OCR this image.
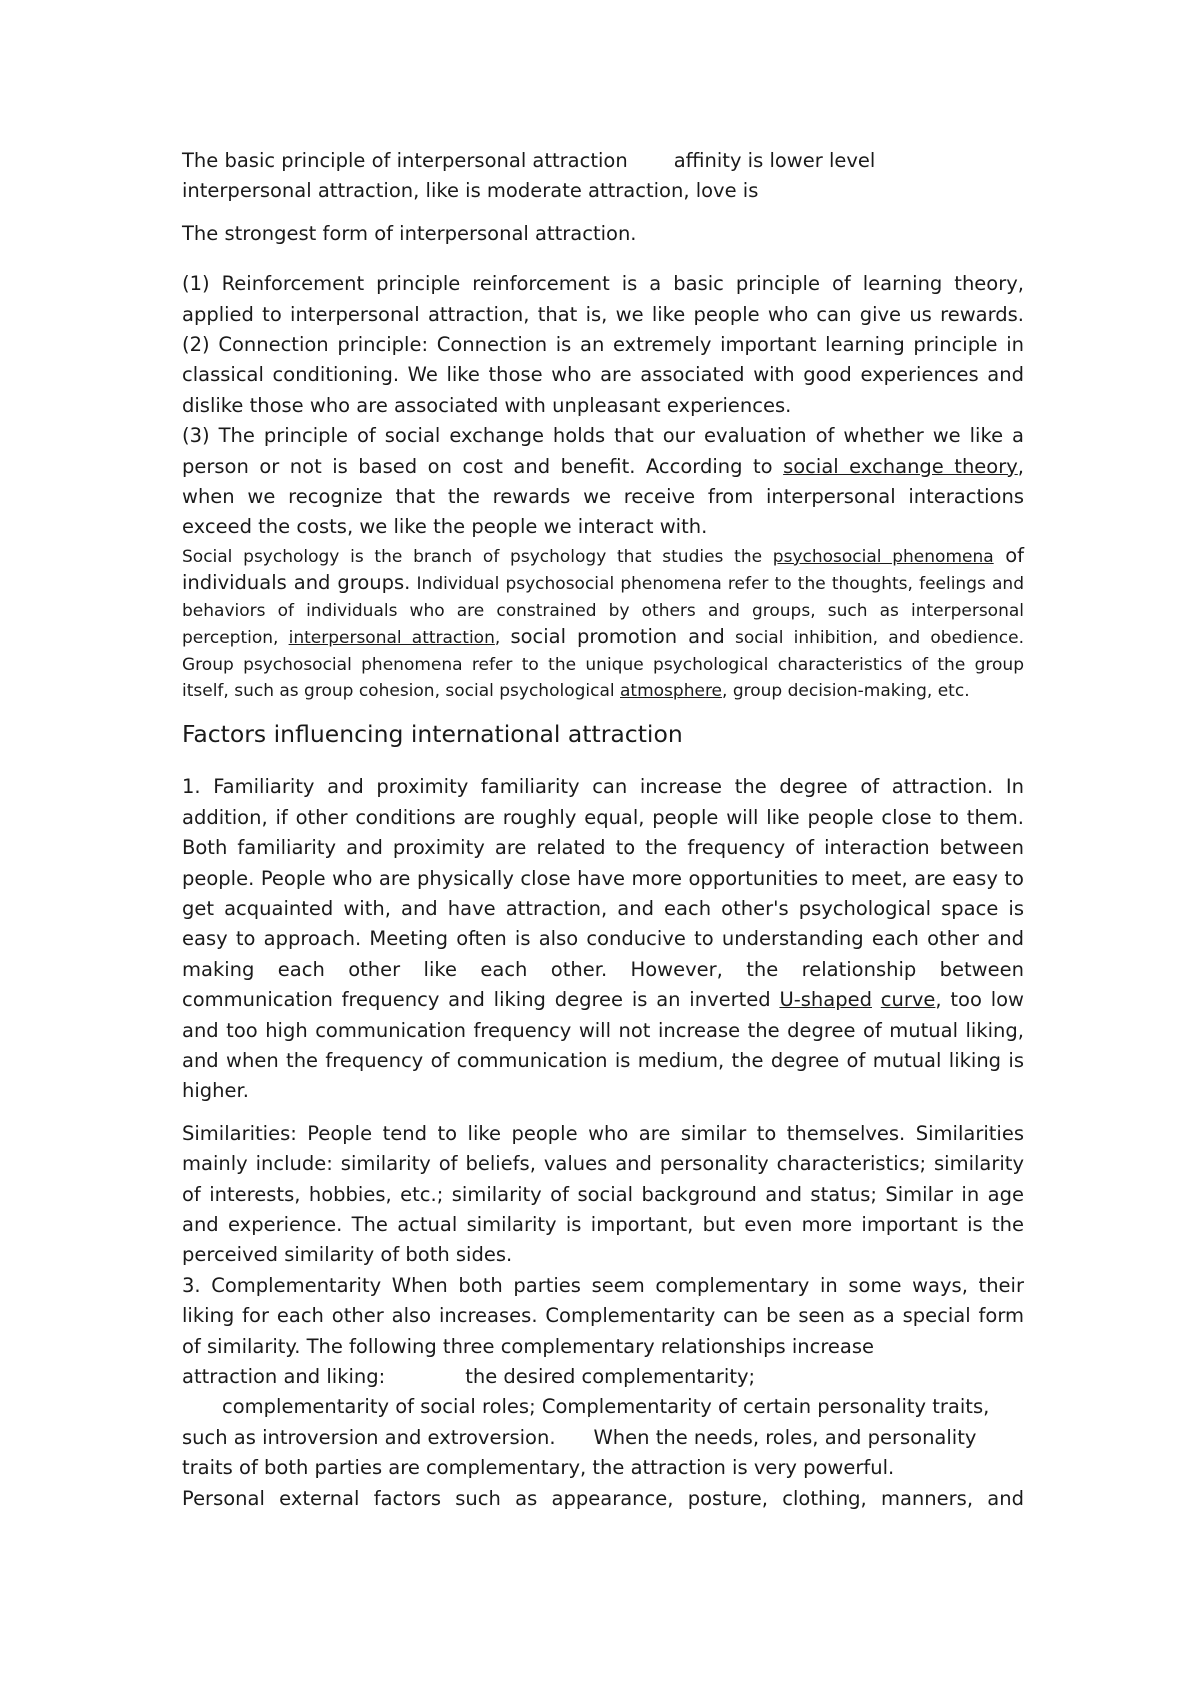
The basic principle of interpersonal attraction affinity is lower level

interpersonal attraction, like is moderate attraction, love is

The strongest form of interpersonal attraction.

(1) Reinforcement principle reinforcement is a basic principle of learning theory, applied to interpersonal attraction, that is, we like people who can give us rewards. (2) Connection principle: Connection is an extremely important learning principle in classical conditioning. We like those who are associated with good experiences and dislike those who are associated with unpleasant experiences.

(3) The principle of social exchange holds that our evaluation of whether we like a person or not is based on cost and benefit. According to social exchange theory, when we recognize that the rewards we receive from interpersonal interactions exceed the costs, we like the people we interact with.

Social psychology is the branch of psychology that studies the psychosocial phenomena of individuals and groups. Individual psychosocial phenomena refer to the thoughts, feelings and behaviors of individuals who are constrained by others and groups, such as interpersonal perception, interpersonal attraction, social promotion and social inhibition, and obedience. Group psychosocial phenomena refer to the unique psychological characteristics of the group itself, such as group cohesion, social psychological atmosphere, group decision-making, etc.

Factors influencing international attraction

1. Familiarity and proximity familiarity can increase the degree of attraction. In addition, if other conditions are roughly equal, people will like people close to them. Both familiarity and proximity are related to the frequency of interaction between people. People who are physically close have more opportunities to meet, are easy to get acquainted with, and have attraction, and each other's psychological space is easy to approach. Meeting often is also conducive to understanding each other and making each other like each other. However, the relationship between communication frequency and liking degree is an inverted U-shaped curve, too low and too high communication frequency will not increase the degree of mutual liking, and when the frequency of communication is medium, the degree of mutual liking is higher.

Similarities: People tend to like people who are similar to themselves. Similarities mainly include: similarity of beliefs, values and personality characteristics; similarity of interests, hobbies, etc.; similarity of social background and status; Similar in age and experience. The actual similarity is important, but even more important is the perceived similarity of both sides.

3. Complementarity When both parties seem complementary in some ways, their liking for each other also increases. Complementarity can be seen as a special form of similarity. The following three complementary relationships increase

attraction and liking:	the desired complementarity;

complementarity of social roles; Complementarity of certain personality traits,

such as introversion and extroversion. When the needs, roles, and personality

traits of both parties are complementary, the attraction is very powerful.

Personal external factors such as appearance, posture, clothing, manners, and
